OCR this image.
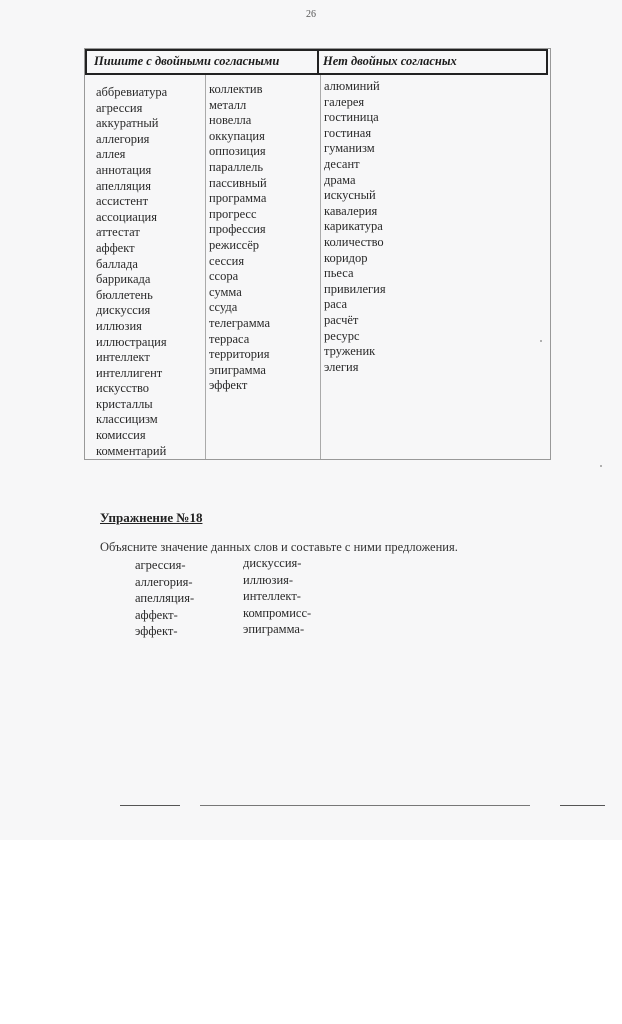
26
Пишите с двойными согласными	Нет двойных согласных
аббревиатура
агрессия
аккуратный
аллегория
аллея
аннотация
апелляция
ассистент
ассоциация
аттестат
аффект
баллада
баррикада
бюллетень
дискуссия
иллюзия
иллюстрация
интеллект
интеллигент
искусство
кристаллы
классицизм
комиссия
комментарий
коллектив
металл
новелла
оккупация
оппозиция
параллель
пассивный
программа
прогресс
профессия
режиссёр
сессия
ссора
сумма
ссуда
телеграмма
терраса
территория
эпиграмма
эффект
алюминий
галерея
гостиница
гостиная
гуманизм
десант
драма
искусный
кавалерия
карикатура
количество
коридор
пьеса
привилегия
раса
расчёт
ресурс
труженик
элегия
Упражнение №18
Объясните значение данных слов и составьте с ними предложения.
агрессия-
аллегория-
апелляция-
аффект-
эффект-
дискуссия-
иллюзия-
интеллект-
компромисс-
эпиграмма-
